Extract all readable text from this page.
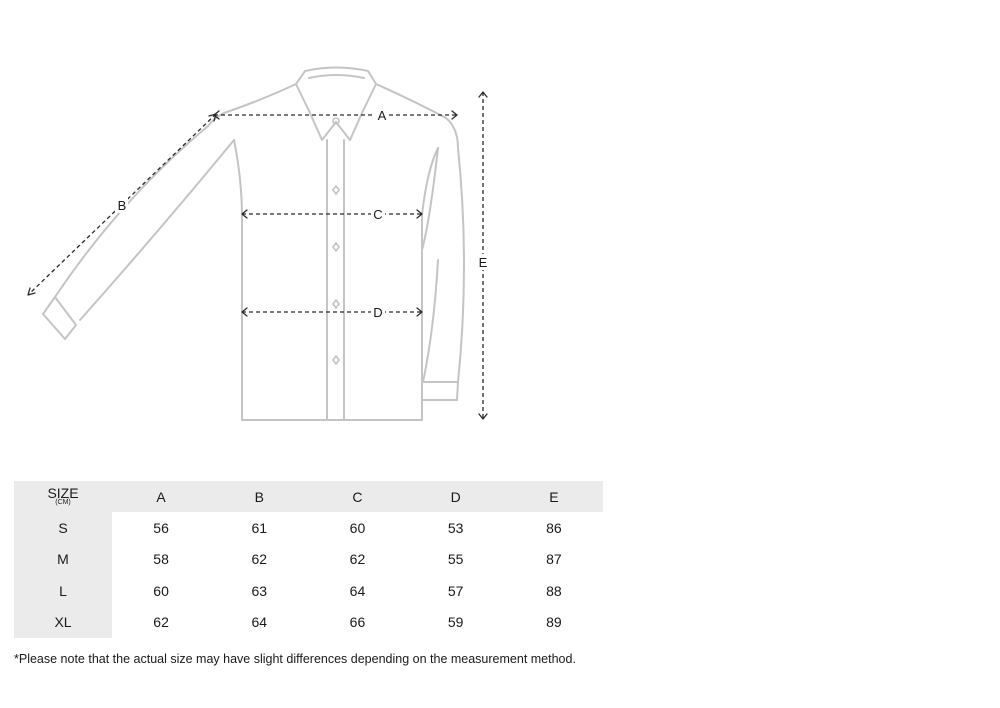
A
B
C
D
E
SIZE
(CM)	A	B	C	D	E
S	56	61	60	53	86
M	58	62	62	55	87
L	60	63	64	57	88
XL	62	64	66	59	89

*Please note that the actual size may have slight differences depending on the measurement method.
